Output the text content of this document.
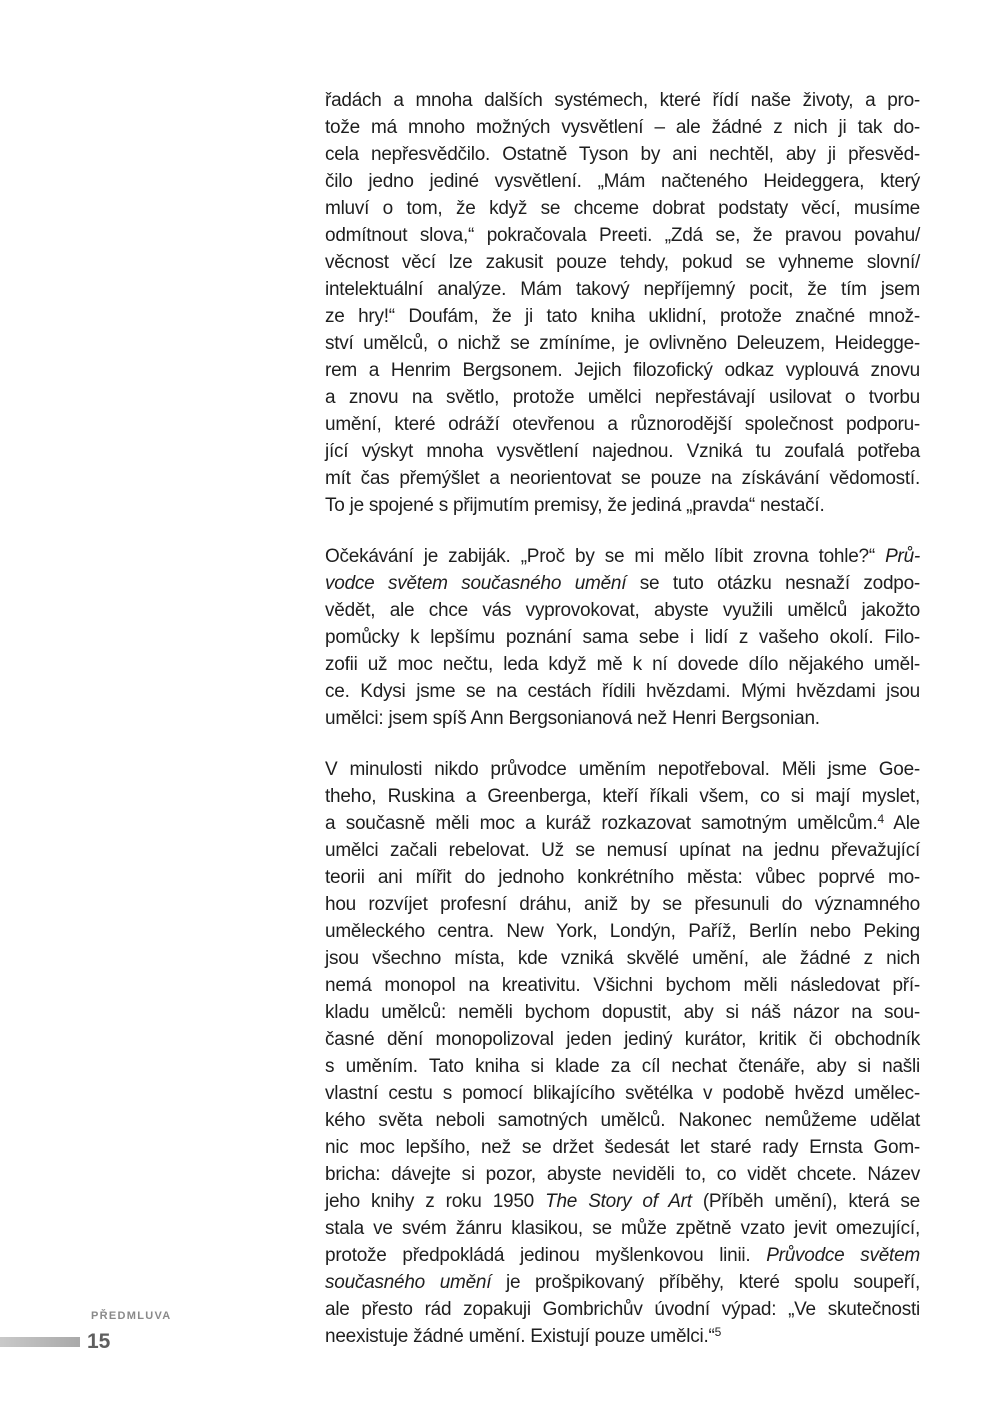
řadách a mnoha dalších systémech, které řídí naše životy, a pro-
tože má mnoho možných vysvětlení – ale žádné z nich ji tak do-
cela nepřesvědčilo. Ostatně Tyson by ani nechtěl, aby ji přesvěd-
čilo jedno jediné vysvětlení. „Mám načteného Heideggera, který
mluví o tom, že když se chceme dobrat podstaty věcí, musíme
odmítnout slova,“ pokračovala Preeti. „Zdá se, že pravou povahu/
věcnost věcí lze zakusit pouze tehdy, pokud se vyhneme slovní/
intelektuální analýze. Mám takový nepříjemný pocit, že tím jsem
ze hry!“ Doufám, že ji tato kniha uklidní, protože značné množ-
ství umělců, o nichž se zmíníme, je ovlivněno Deleuzem, Heidegge-
rem a Henrim Bergsonem. Jejich filozofický odkaz vyplouvá znovu
a znovu na světlo, protože umělci nepřestávají usilovat o tvorbu
umění, které odráží otevřenou a různorodější společnost podporu-
jící výskyt mnoha vysvětlení najednou. Vzniká tu zoufalá potřeba
mít čas přemýšlet a neorientovat se pouze na získávání vědomostí.
To je spojené s přijmutím premisy, že jediná „pravda“ nestačí.
Očekávání je zabiják. „Proč by se mi mělo líbit zrovna tohle?“ Prů-
vodce světem současného umění se tuto otázku nesnaží zodpo-
vědět, ale chce vás vyprovokovat, abyste využili umělců jakožto
pomůcky k lepšímu poznání sama sebe i lidí z vašeho okolí. Filo-
zofii už moc nečtu, leda když mě k ní dovede dílo nějakého uměl-
ce. Kdysi jsme se na cestách řídili hvězdami. Mými hvězdami jsou
umělci: jsem spíš Ann Bergsonianová než Henri Bergsonian.
V minulosti nikdo průvodce uměním nepotřeboval. Měli jsme Goe-
theho, Ruskina a Greenberga, kteří říkali všem, co si mají myslet,
a současně měli moc a kuráž rozkazovat samotným umělcům.$^4$ Ale
umělci začali rebelovat. Už se nemusí upínat na jednu převažující
teorii ani mířit do jednoho konkrétního města: vůbec poprvé mo-
hou rozvíjet profesní dráhu, aniž by se přesunuli do významného
uměleckého centra. New York, Londýn, Paříž, Berlín nebo Peking
jsou všechno místa, kde vzniká skvělé umění, ale žádné z nich
nemá monopol na kreativitu. Všichni bychom měli následovat pří-
kladu umělců: neměli bychom dopustit, aby si náš názor na sou-
časné dění monopolizoval jeden jediný kurátor, kritik či obchodník
s uměním. Tato kniha si klade za cíl nechat čtenáře, aby si našli
vlastní cestu s pomocí blikajícího světélka v podobě hvězd umělec-
kého světa neboli samotných umělců. Nakonec nemůžeme udělat
nic moc lepšího, než se držet šedesát let staré rady Ernsta Gom-
bricha: dávejte si pozor, abyste neviděli to, co vidět chcete. Název
jeho knihy z roku 1950 The Story of Art (Příběh umění), která se
stala ve svém žánru klasikou, se může zpětně vzato jevit omezující,
protože předpokládá jedinou myšlenkovou linii. Průvodce světem
současného umění je prošpikovaný příběhy, které spolu soupeří,
ale přesto rád zopakuji Gombrichův úvodní výpad: „Ve skutečnosti
neexistuje žádné umění. Existují pouze umělci.“$^5$
PŘEDMLUVA
15
